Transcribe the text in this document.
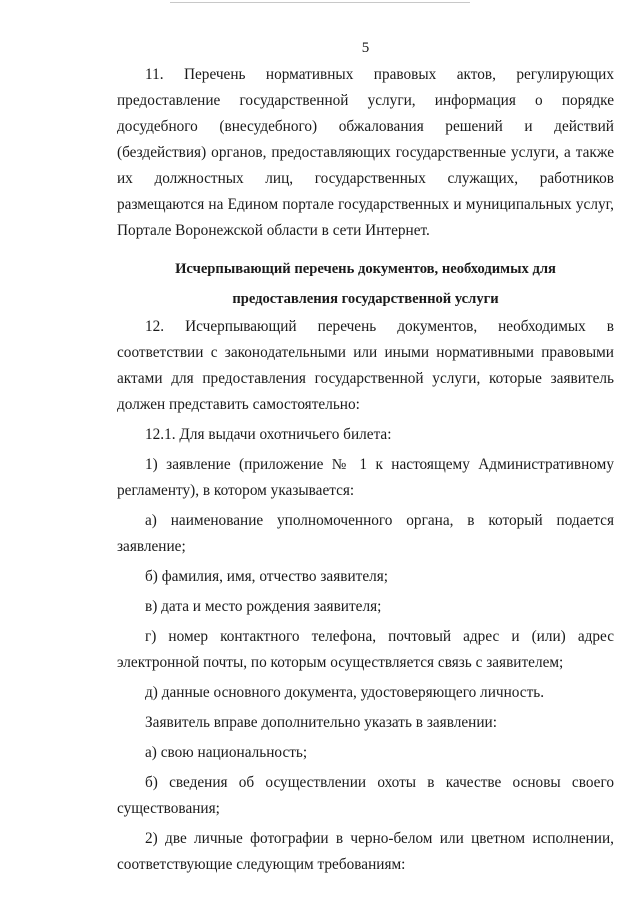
5

11. Перечень нормативных правовых актов, регулирующих предоставление государственной услуги, информация о порядке досудебного (внесудебного) обжалования решений и действий (бездействия) органов, предоставляющих государственные услуги, а также их должностных лиц, государственных служащих, работников размещаются на Едином портале государственных и муниципальных услуг, Портале Воронежской области в сети Интернет.

Исчерпывающий перечень документов, необходимых для
предоставления государственной услуги

12. Исчерпывающий перечень документов, необходимых в соответствии с законодательными или иными нормативными правовыми актами для предоставления государственной услуги, которые заявитель должен представить самостоятельно:

12.1. Для выдачи охотничьего билета:

1) заявление (приложение № 1 к настоящему Административному регламенту), в котором указывается:

а) наименование уполномоченного органа, в который подается заявление;

б) фамилия, имя, отчество заявителя;

в) дата и место рождения заявителя;

г) номер контактного телефона, почтовый адрес и (или) адрес электронной почты, по которым осуществляется связь с заявителем;

д) данные основного документа, удостоверяющего личность.

Заявитель вправе дополнительно указать в заявлении:

а) свою национальность;

б) сведения об осуществлении охоты в качестве основы своего существования;

2) две личные фотографии в черно-белом или цветном исполнении, соответствующие следующим требованиям:
